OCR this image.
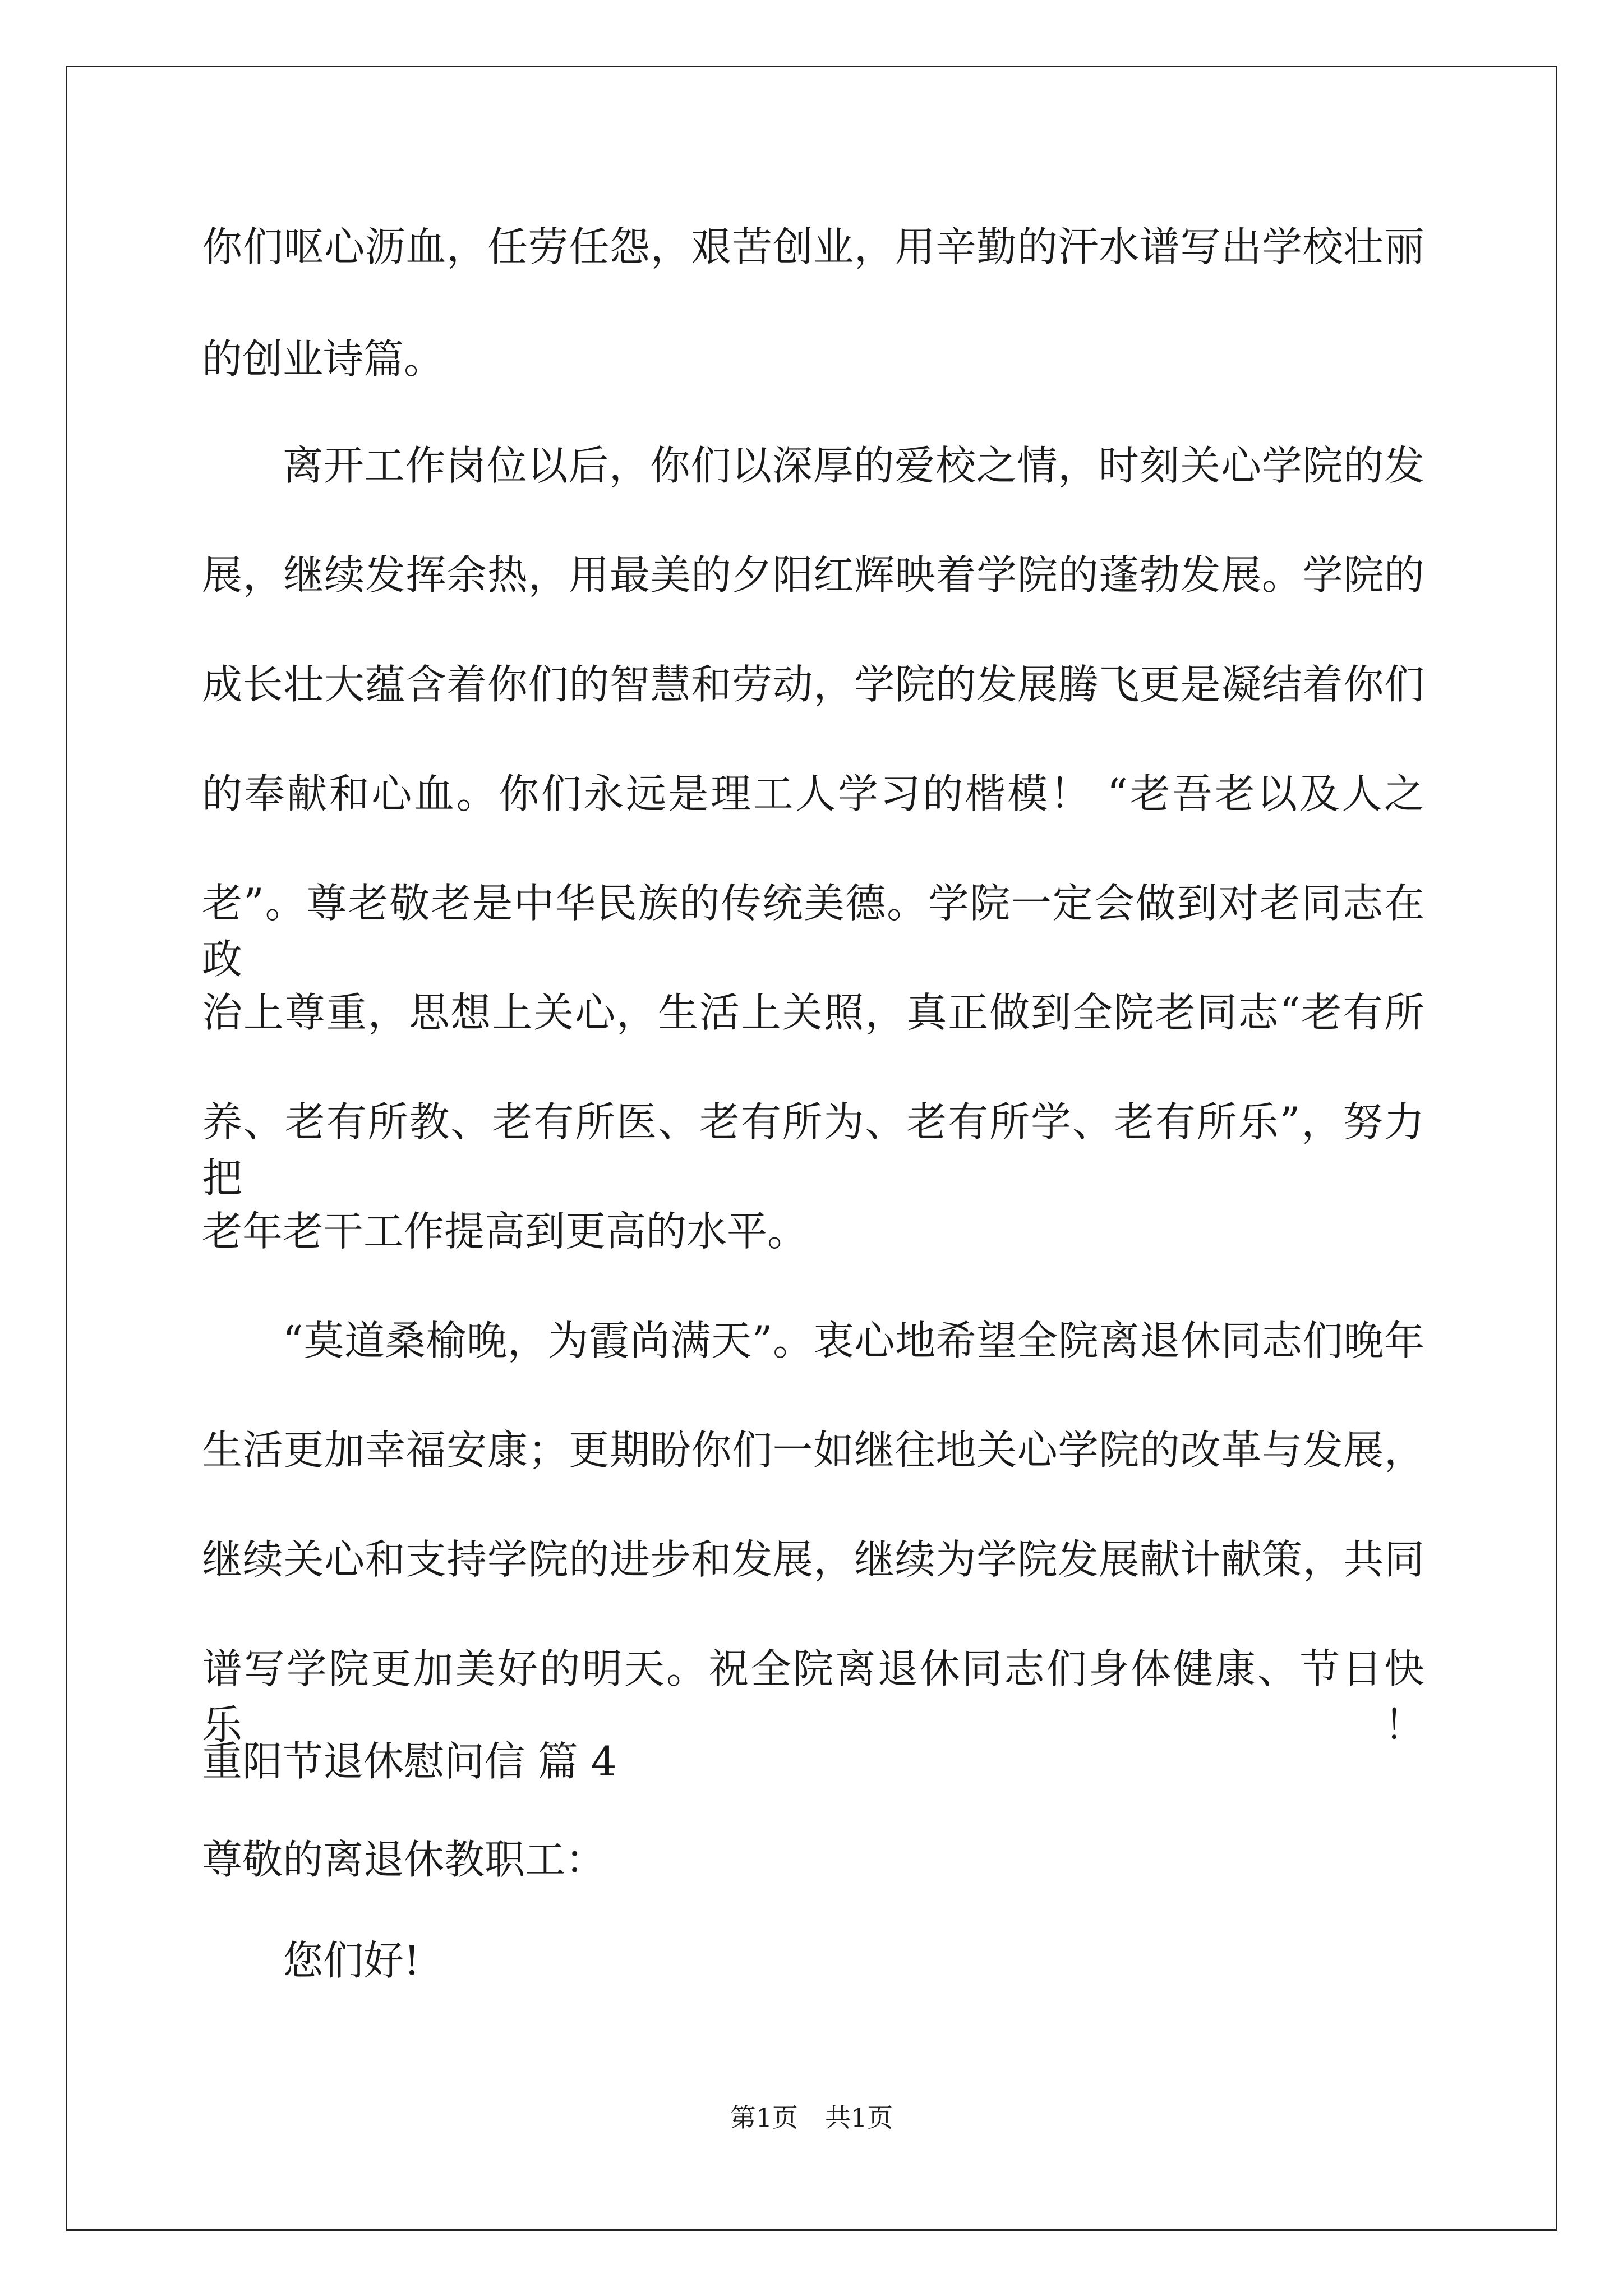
你们呕心沥血，任劳任怨，艰苦创业，用辛勤的汗水谱写出学校壮丽
的创业诗篇。
离开工作岗位以后，你们以深厚的爱校之情，时刻关心学院的发
展，继续发挥余热，用最美的夕阳红辉映着学院的蓬勃发展。学院的
成长壮大蕴含着你们的智慧和劳动，学院的发展腾飞更是凝结着你们
的奉献和心血。你们永远是理工人学习的楷模！ “老吾老以及人之
老”。尊老敬老是中华民族的传统美德。学院一定会做到对老同志在政
治上尊重，思想上关心，生活上关照，真正做到全院老同志“老有所
养、老有所教、老有所医、老有所为、老有所学、老有所乐”，努力把
老年老干工作提高到更高的水平。
“莫道桑榆晚，为霞尚满天”。衷心地希望全院离退休同志们晚年
生活更加幸福安康；更期盼你们一如继往地关心学院的改革与发展，
继续关心和支持学院的进步和发展，继续为学院发展献计献策，共同
谱写学院更加美好的明天。祝全院离退休同志们身体健康、节日快乐！
重阳节退休慰问信 篇 4
尊敬的离退休教职工：
您们好!
第1页 共1页
